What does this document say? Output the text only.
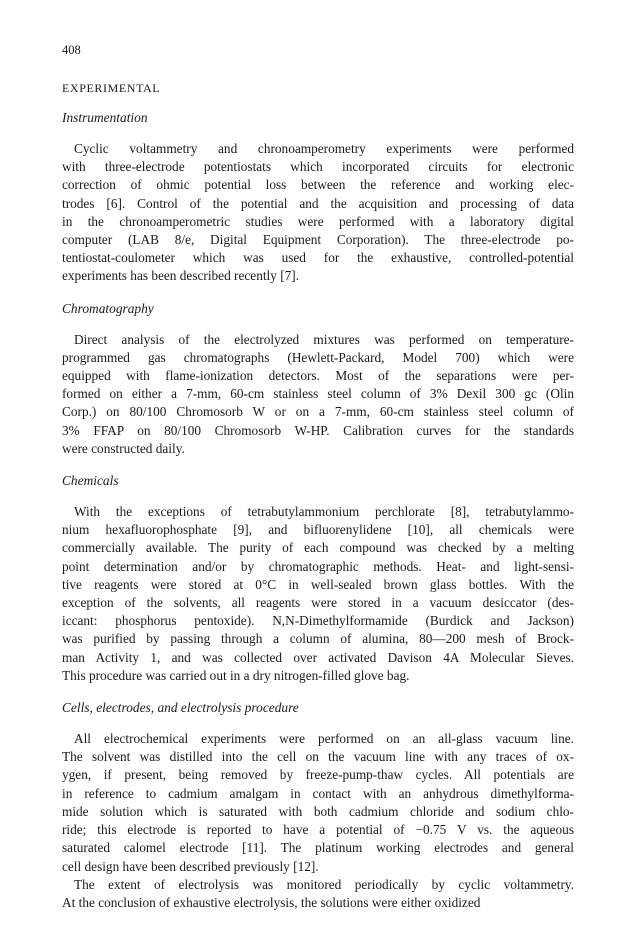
408
EXPERIMENTAL
Instrumentation
Cyclic voltammetry and chronoamperometry experiments were performed
with three-electrode potentiostats which incorporated circuits for electronic
correction of ohmic potential loss between the reference and working elec-
trodes [6]. Control of the potential and the acquisition and processing of data
in the chronoamperometric studies were performed with a laboratory digital
computer (LAB 8/e, Digital Equipment Corporation). The three-electrode po-
tentiostat-coulometer which was used for the exhaustive, controlled-potential
experiments has been described recently [7].
Chromatography
Direct analysis of the electrolyzed mixtures was performed on temperature-
programmed gas chromatographs (Hewlett-Packard, Model 700) which were
equipped with flame-ionization detectors. Most of the separations were per-
formed on either a 7-mm, 60-cm stainless steel column of 3% Dexil 300 gc (Olin
Corp.) on 80/100 Chromosorb W or on a 7-mm, 60-cm stainless steel column of
3% FFAP on 80/100 Chromosorb W-HP. Calibration curves for the standards
were constructed daily.
Chemicals
With the exceptions of tetrabutylammonium perchlorate [8], tetrabutylammo-
nium hexafluorophosphate [9], and bifluorenylidene [10], all chemicals were
commercially available. The purity of each compound was checked by a melting
point determination and/or by chromatographic methods. Heat- and light-sensi-
tive reagents were stored at 0°C in well-sealed brown glass bottles. With the
exception of the solvents, all reagents were stored in a vacuum desiccator (des-
iccant: phosphorus pentoxide). N,N-Dimethylformamide (Burdick and Jackson)
was purified by passing through a column of alumina, 80—200 mesh of Brock-
man Activity 1, and was collected over activated Davison 4A Molecular Sieves.
This procedure was carried out in a dry nitrogen-filled glove bag.
Cells, electrodes, and electrolysis procedure
All electrochemical experiments were performed on an all-glass vacuum line.
The solvent was distilled into the cell on the vacuum line with any traces of ox-
ygen, if present, being removed by freeze-pump-thaw cycles. All potentials are
in reference to cadmium amalgam in contact with an anhydrous dimethylforma-
mide solution which is saturated with both cadmium chloride and sodium chlo-
ride; this electrode is reported to have a potential of −0.75 V vs. the aqueous
saturated calomel electrode [11]. The platinum working electrodes and general
cell design have been described previously [12].
The extent of electrolysis was monitored periodically by cyclic voltammetry.
At the conclusion of exhaustive electrolysis, the solutions were either oxidized
